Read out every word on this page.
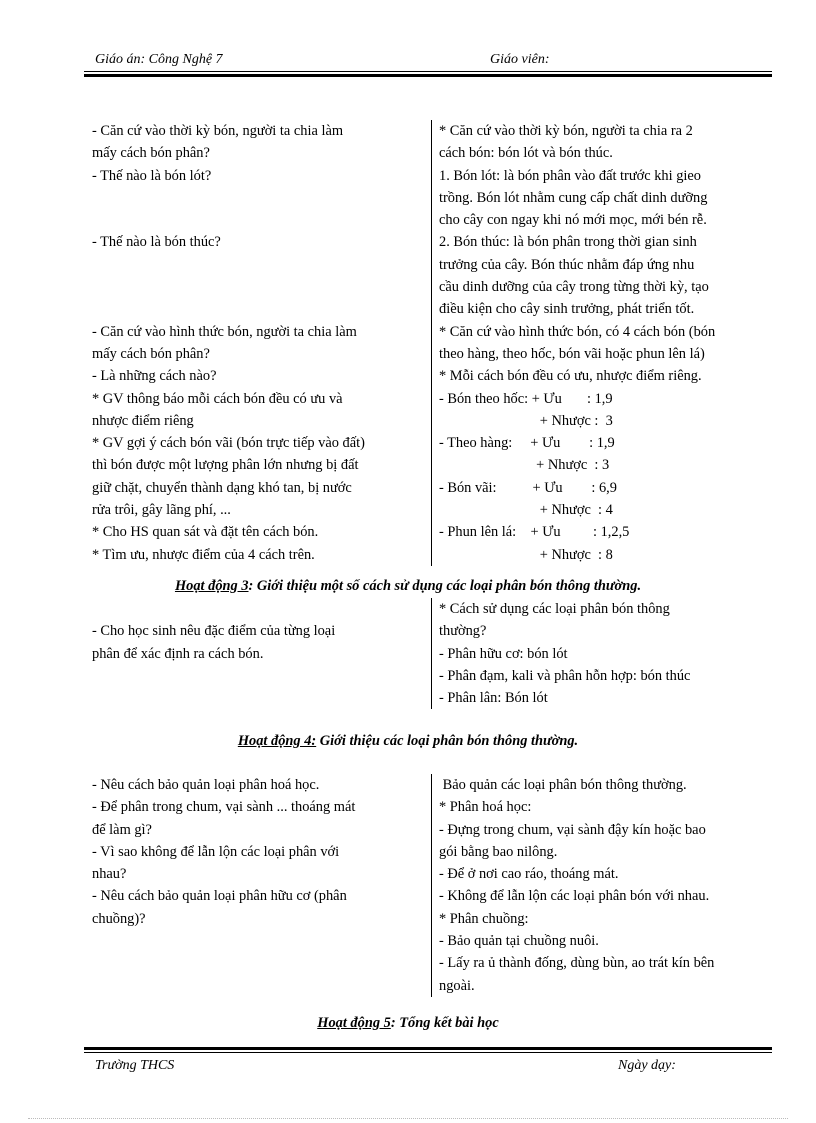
Giáo án: Công Nghệ 7	Giáo viên:
- Căn cứ vào thời kỳ bón, người ta chia làm
mấy cách bón phân?
- Thế nào là bón lót?

- Thế nào là bón thúc?

- Căn cứ vào hình thức bón, người ta chia làm
mấy cách bón phân?
- Là những cách nào?
* GV thông báo mỗi cách bón đều có ưu và
nhược điểm riêng
* GV gợi ý cách bón vãi (bón trực tiếp vào đất)
thì bón được một lượng phân lớn nhưng bị đất
giữ chặt, chuyển thành dạng khó tan, bị nước
rửa trôi, gây lãng phí, ...
* Cho HS quan sát và đặt tên cách bón.
* Tìm ưu, nhược điểm của 4 cách trên.
* Căn cứ vào thời kỳ bón, người ta chia ra 2
cách bón: bón lót và bón thúc.
1. Bón lót: là bón phân vào đất trước khi gieo
trồng. Bón lót nhằm cung cấp chất dinh dưỡng
cho cây con ngay khi nó mới mọc, mới bén rễ.
2. Bón thúc: là bón phân trong thời gian sinh
trưởng của cây. Bón thúc nhằm đáp ứng nhu
cầu dinh dưỡng của cây trong từng thời kỳ, tạo
điều kiện cho cây sinh trưởng, phát triển tốt.
* Căn cứ vào hình thức bón, có 4 cách bón (bón
theo hàng, theo hốc, bón vãi hoặc phun lên lá)
* Mỗi cách bón đều có ưu, nhược điểm riêng.
- Bón theo hốc: + Ưu       : 1,9
+ Nhược :  3
- Theo hàng:     + Ưu        : 1,9
+ Nhược  : 3
- Bón vãi:          + Ưu        : 6,9
+ Nhược  : 4
- Phun lên lá:    + Ưu         : 1,2,5
+ Nhược  : 8
Hoạt động 3: Giới thiệu một số cách sử dụng các loại phân bón thông thường.

- Cho học sinh nêu đặc điểm của từng loại
phân để xác định ra cách bón.

* Cách sử dụng các loại phân bón thông
thường?
- Phân hữu cơ: bón lót
- Phân đạm, kali và phân hỗn hợp: bón thúc
- Phân lân: Bón lót
Hoạt động 4: Giới thiệu các loại phân bón thông thường.
- Nêu cách bảo quản loại phân hoá học.
- Để phân trong chum, vại sành ... thoáng mát
để làm gì?
- Vì sao không để lẫn lộn các loại phân với
nhau?
- Nêu cách bảo quản loại phân hữu cơ (phân
chuồng)?

Bảo quản các loại phân bón thông thường.
* Phân hoá học:
- Đựng trong chum, vại sành đậy kín hoặc bao
gói bằng bao nilông.
- Để ở nơi cao ráo, thoáng mát.
- Không để lẫn lộn các loại phân bón với nhau.
* Phân chuồng:
- Bảo quản tại chuồng nuôi.
- Lấy ra ủ thành đống, dùng bùn, ao trát kín bên
ngoài.
Hoạt động 5: Tổng kết bài học
Trường THCS	Ngày dạy:
